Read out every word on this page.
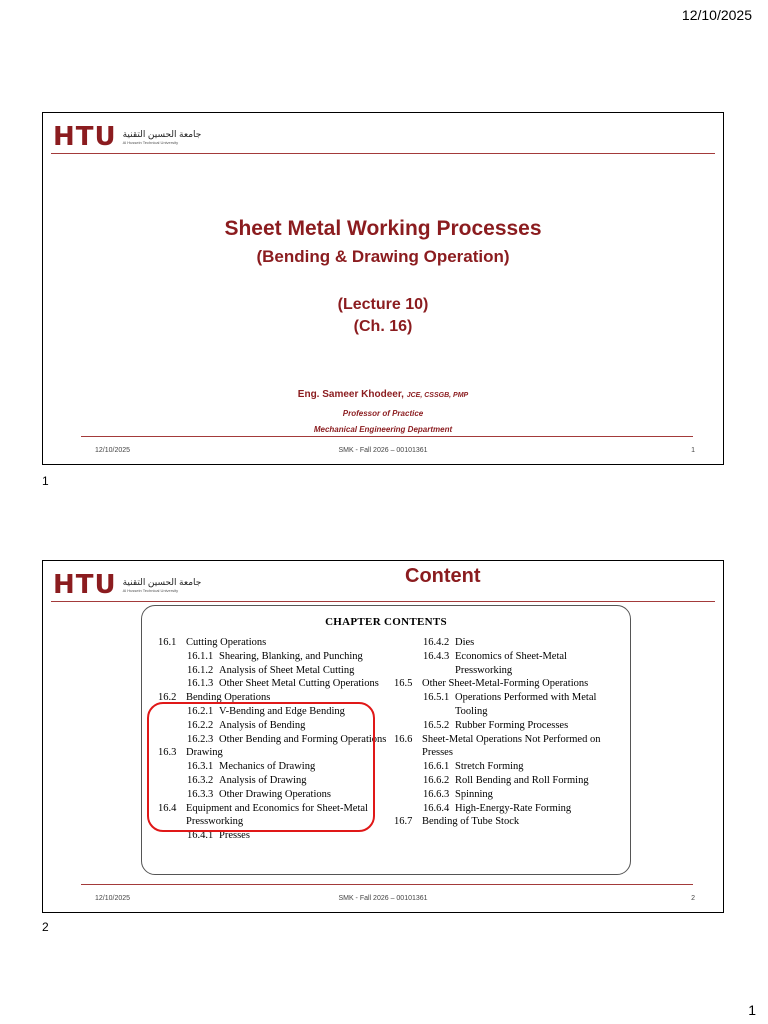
12/10/2025
HTU جامعة الحسين التقنية
Al Hussein Technical University
Sheet Metal Working Processes
(Bending & Drawing Operation)
(Lecture 10)
(Ch. 16)
Eng. Sameer Khodeer, JCE, CSSGB, PMP
Professor of Practice
Mechanical Engineering Department
12/10/2025	SMK - Fall 2026 – 00101361	1
1
HTU جامعة الحسين التقنية
Al Hussein Technical University
Content
CHAPTER CONTENTS
16.1 Cutting Operations
16.1.1 Shearing, Blanking, and Punching
16.1.2 Analysis of Sheet Metal Cutting
16.1.3 Other Sheet Metal Cutting Operations
16.2 Bending Operations
16.2.1 V-Bending and Edge Bending
16.2.2 Analysis of Bending
16.2.3 Other Bending and Forming Operations
16.3 Drawing
16.3.1 Mechanics of Drawing
16.3.2 Analysis of Drawing
16.3.3 Other Drawing Operations
16.4 Equipment and Economics for Sheet-Metal Pressworking
16.4.1 Presses
16.4.2 Dies
16.4.3 Economics of Sheet-Metal Pressworking
16.5 Other Sheet-Metal-Forming Operations
16.5.1 Operations Performed with Metal Tooling
16.5.2 Rubber Forming Processes
16.6 Sheet-Metal Operations Not Performed on Presses
16.6.1 Stretch Forming
16.6.2 Roll Bending and Roll Forming
16.6.3 Spinning
16.6.4 High-Energy-Rate Forming
16.7 Bending of Tube Stock
12/10/2025	SMK - Fall 2026 – 00101361	2
2
1
